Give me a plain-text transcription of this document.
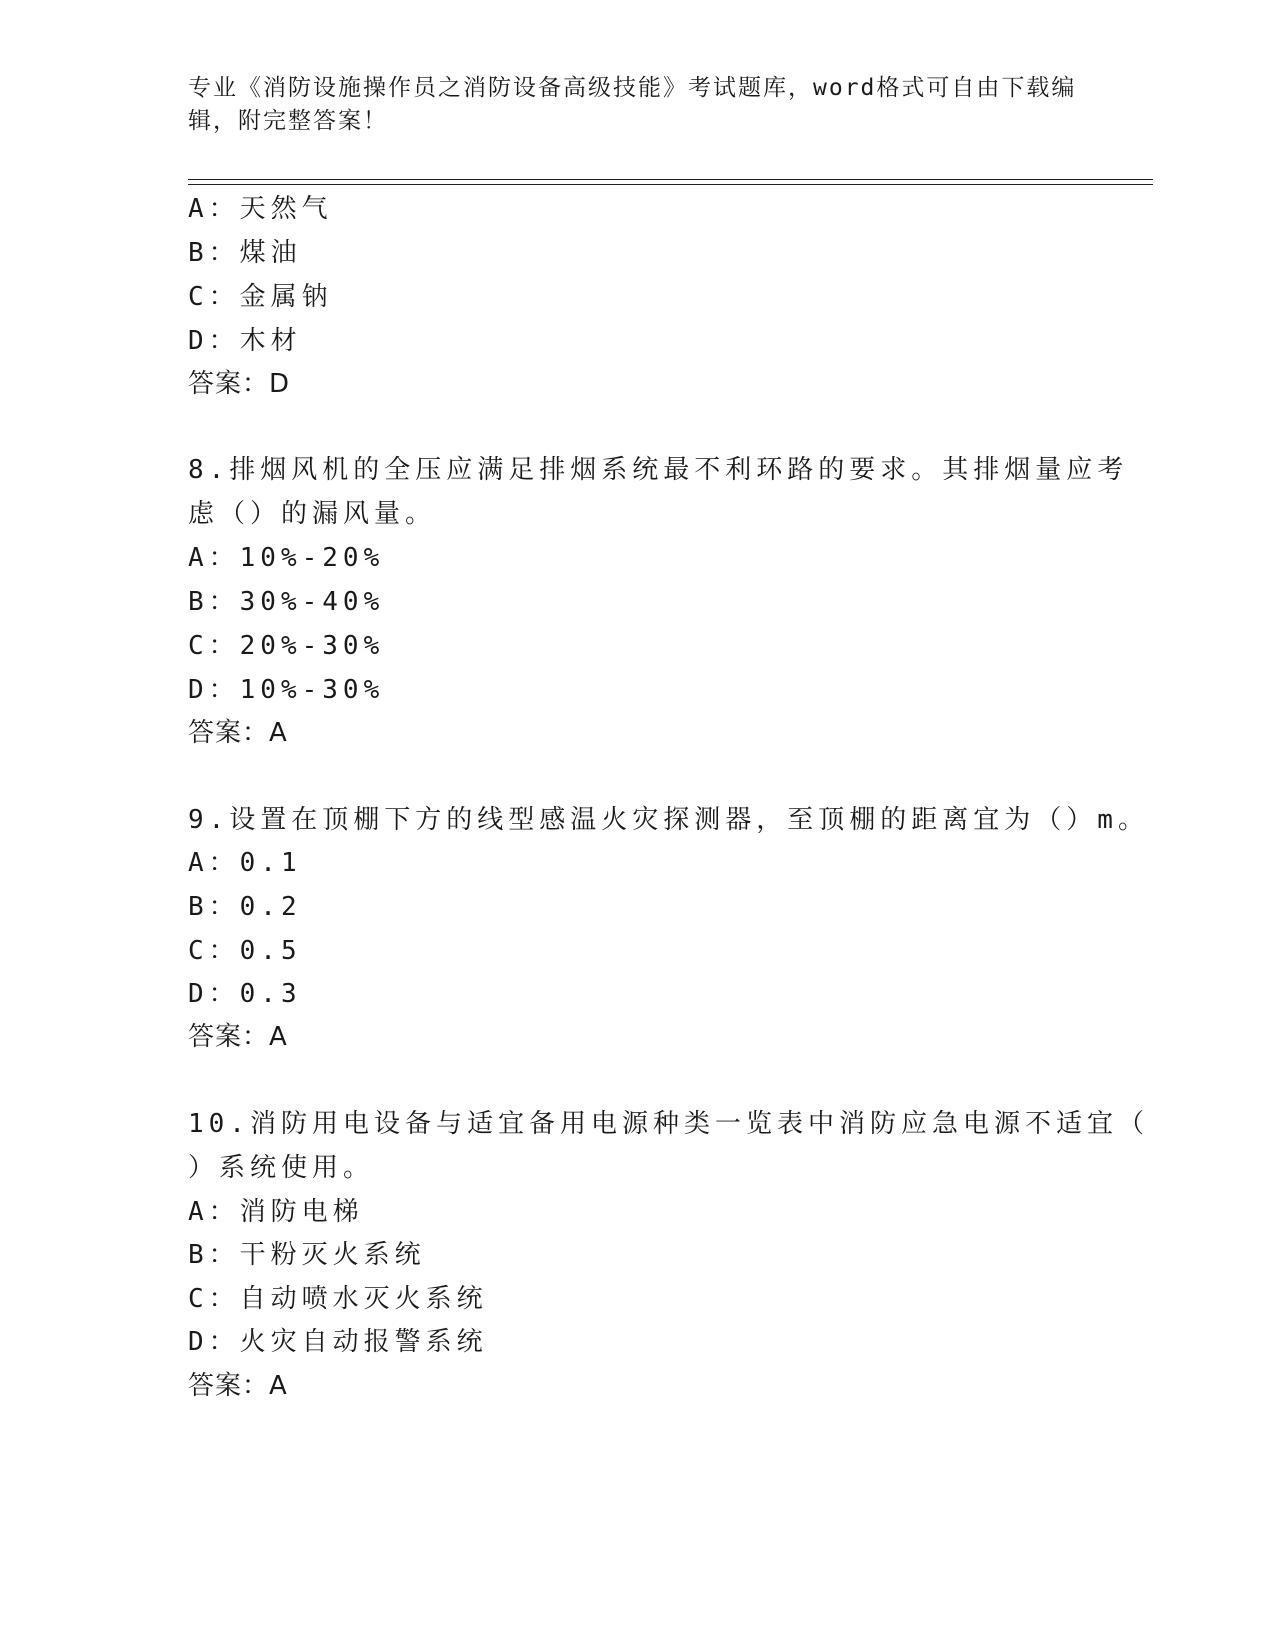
专业《消防设施操作员之消防设备高级技能》考试题库，word格式可自由下载编
辑，附完整答案！
A：天然气
B：煤油
C：金属钠
D：木材
答案：D
8.排烟风机的全压应满足排烟系统最不利环路的要求。其排烟量应考
虑（）的漏风量。
A：10%-20%
B：30%-40%
C：20%-30%
D：10%-30%
答案：A
9.设置在顶棚下方的线型感温火灾探测器，至顶棚的距离宜为（）m。
A：0.1
B：0.2
C：0.5
D：0.3
答案：A
10.消防用电设备与适宜备用电源种类一览表中消防应急电源不适宜（
）系统使用。
A：消防电梯
B：干粉灭火系统
C：自动喷水灭火系统
D：火灾自动报警系统
答案：A
